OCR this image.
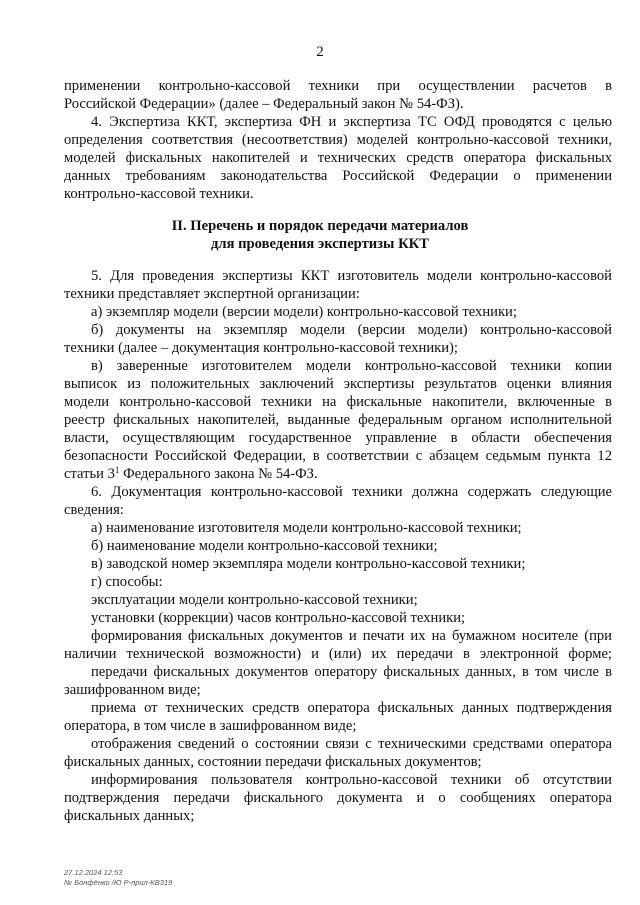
2
применении контрольно-кассовой техники при осуществлении расчетов в
Российской Федерации» (далее – Федеральный закон № 54-ФЗ).
4. Экспертиза ККТ, экспертиза ФН и экспертиза ТС ОФД проводятся с целью
определения соответствия (несоответствия) моделей контрольно-кассовой техники,
моделей фискальных накопителей и технических средств оператора фискальных
данных требованиям законодательства Российской Федерации о применении
контрольно-кассовой техники.
II. Перечень и порядок передачи материалов
для проведения экспертизы ККТ
5. Для проведения экспертизы ККТ изготовитель модели контрольно-кассовой
техники представляет экспертной организации:
а) экземпляр модели (версии модели) контрольно-кассовой техники;
б) документы на экземпляр модели (версии модели) контрольно-кассовой
техники (далее – документация контрольно-кассовой техники);
в) заверенные изготовителем модели контрольно-кассовой техники копии
выписок из положительных заключений экспертизы результатов оценки влияния
модели контрольно-кассовой техники на фискальные накопители, включенные в
реестр фискальных накопителей, выданные федеральным органом исполнительной
власти, осуществляющим государственное управление в области обеспечения
безопасности Российской Федерации, в соответствии с абзацем седьмым пункта 12
статьи $3^1$ Федерального закона № 54-ФЗ.
6. Документация контрольно-кассовой техники должна содержать следующие
сведения:
а) наименование изготовителя модели контрольно-кассовой техники;
б) наименование модели контрольно-кассовой техники;
в) заводской номер экземпляра модели контрольно-кассовой техники;
г) способы:
эксплуатации модели контрольно-кассовой техники;
установки (коррекции) часов контрольно-кассовой техники;
формирования фискальных документов и печати их на бумажном носителе (при
наличии технической возможности) и (или) их передачи в электронной форме;
передачи фискальных документов оператору фискальных данных, в том числе в
зашифрованном виде;
приема от технических средств оператора фискальных данных подтверждения
оператора, в том числе в зашифрованном виде;
отображения сведений о состоянии связи с техническими средствами оператора
фискальных данных, состоянии передачи фискальных документов;
информирования пользователя контрольно-кассовой техники об отсутствии
подтверждения передачи фискального документа и о сообщениях оператора
фискальных данных;
27.12.2024 12:53
№ Бонфёнко /Ю Р-прил-КВ319
